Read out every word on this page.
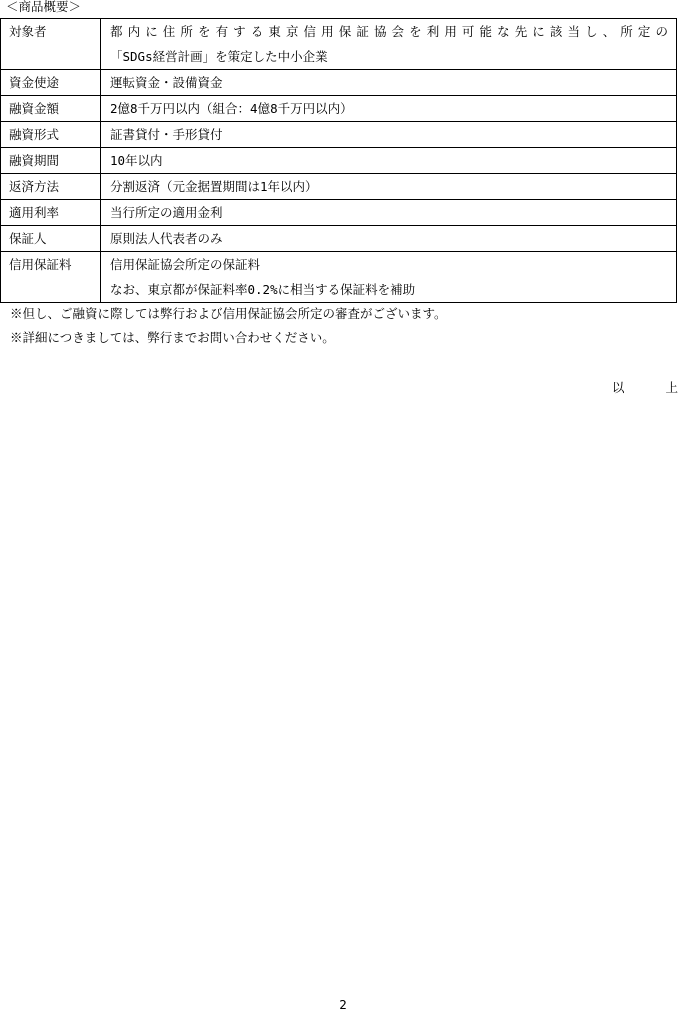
＜商品概要＞
対象者	都内に住所を有する東京信用保証協会を利用可能な先に該当し、所定の
「SDGs経営計画」を策定した中小企業

資金使途	運転資金・設備資金
融資金額	2億8千万円以内（組合：4億8千万円以内）
融資形式	証書貸付・手形貸付
融資期間	10年以内
返済方法	分割返済（元金据置期間は1年以内）
適用利率	当行所定の適用金利
保証人	原則法人代表者のみ
信用保証料	信用保証協会所定の保証料
なお、東京都が保証料率0.2%に相当する保証料を補助
※但し、ご融資に際しては弊行および信用保証協会所定の審査がございます。
※詳細につきましては、弊行までお問い合わせください。
以	上
2
